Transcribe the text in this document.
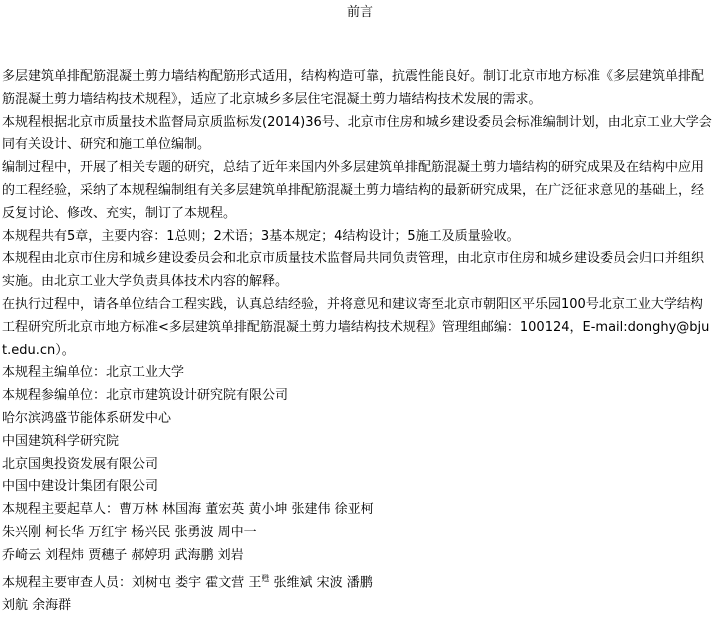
前言

多层建筑单排配筋混凝土剪力墙结构配筋形式适用，结构构造可靠，抗震性能良好。制订北京市地方标准《多层建筑单排配筋混凝土剪力墙结构技术规程》，适应了北京城乡多层住宅混凝土剪力墙结构技术发展的需求。

本规程根据北京市质量技术监督局京质监标发(2014)36号、北京市住房和城乡建设委员会标准编制计划，由北京工业大学会同有关设计、研究和施工单位编制。

编制过程中，开展了相关专题的研究，总结了近年来国内外多层建筑单排配筋混凝土剪力墙结构的研究成果及在结构中应用的工程经验，采纳了本规程编制组有关多层建筑单排配筋混凝土剪力墙结构的最新研究成果，在广泛征求意见的基础上，经反复讨论、修改、充实，制订了本规程。

本规程共有5章，主要内容：1总则；2术语；3基本规定；4结构设计；5施工及质量验收。

本规程由北京市住房和城乡建设委员会和北京市质量技术监督局共同负责管理，由北京市住房和城乡建设委员会归口并组织实施。由北京工业大学负责具体技术内容的解释。

在执行过程中，请各单位结合工程实践，认真总结经验，并将意见和建议寄至北京市朝阳区平乐园100号北京工业大学结构工程研究所北京市地方标准<多层建筑单排配筋混凝土剪力墙结构技术规程》管理组邮编：100124，E-mail:donghy@bjut.edu.cn）。

本规程主编单位：北京工业大学

本规程参编单位：北京市建筑设计研究院有限公司

哈尔滨鸿盛节能体系研发中心

中国建筑科学研究院

北京国奥投资发展有限公司

中国中建设计集团有限公司

本规程主要起草人：曹万林 林国海 董宏英 黄小坤 张建伟 徐亚柯

朱兴刚 柯长华 万红宇 杨兴民 张勇波 周中一

乔崎云 刘程炜 贾穗子 郝婷玥 武海鹏 刘岩

本规程主要审查人员：刘树屯 娄宇 霍文营 王$^甦$ 张维斌 宋波 潘鹏

刘航 余海群
